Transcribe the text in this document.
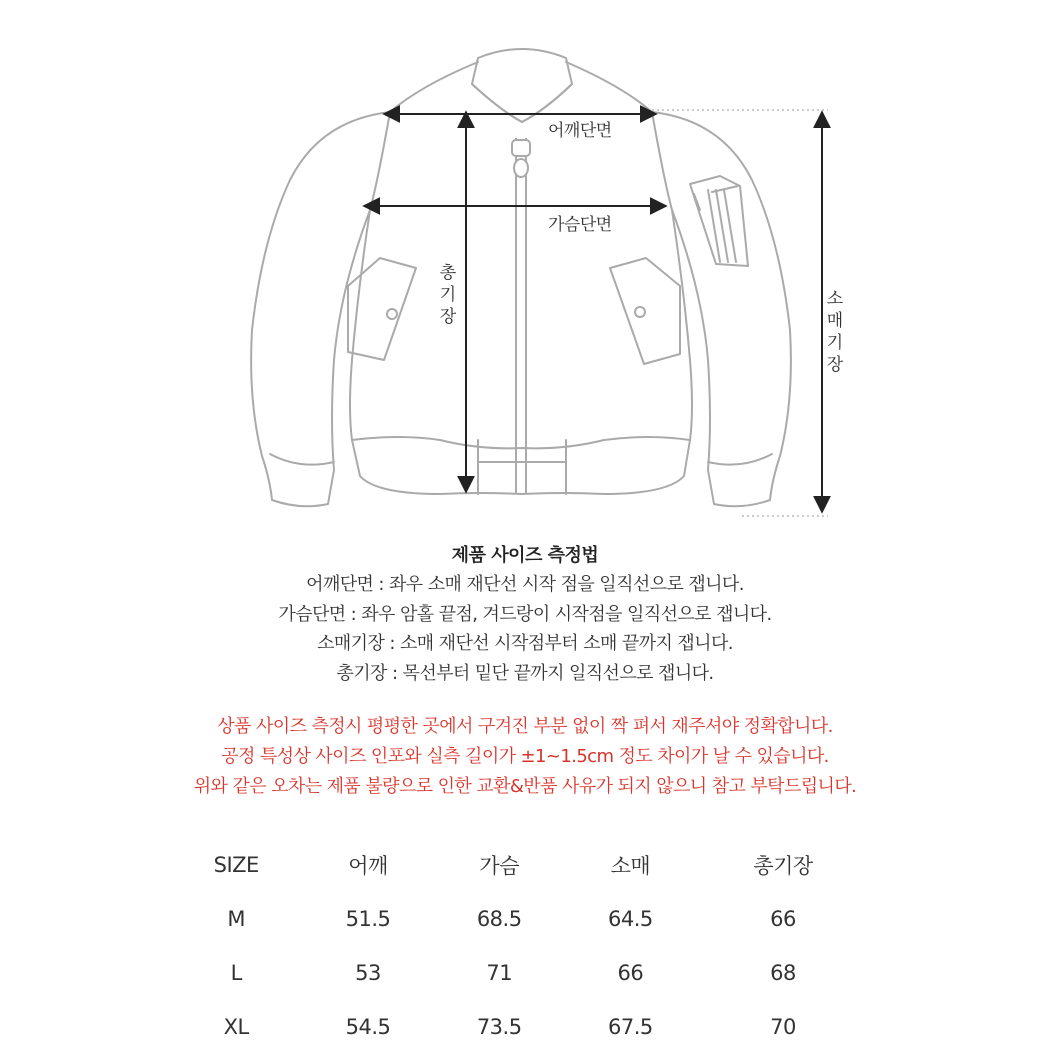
어깨단면
가슴단면
총
기
장
소
매
기
장
제품 사이즈 측정법
어깨단면 : 좌우 소매 재단선 시작 점을 일직선으로 잽니다.
가슴단면 : 좌우 암홀 끝점, 겨드랑이 시작점을 일직선으로 잽니다.
소매기장 : 소매 재단선 시작점부터 소매 끝까지 잽니다.
총기장 : 목선부터 밑단 끝까지 일직선으로 잽니다.
상품 사이즈 측정시 평평한 곳에서 구겨진 부분 없이 짝 펴서 재주셔야 정확합니다.
공정 특성상 사이즈 인포와 실측 길이가 ±1~1.5cm 정도 차이가 날 수 있습니다.
위와 같은 오차는 제품 불량으로 인한 교환&반품 사유가 되지 않으니 참고 부탁드립니다.
SIZE	어깨	가슴	소매	총기장
M	51.5	68.5	64.5	66
L	53	71	66	68
XL	54.5	73.5	67.5	70
